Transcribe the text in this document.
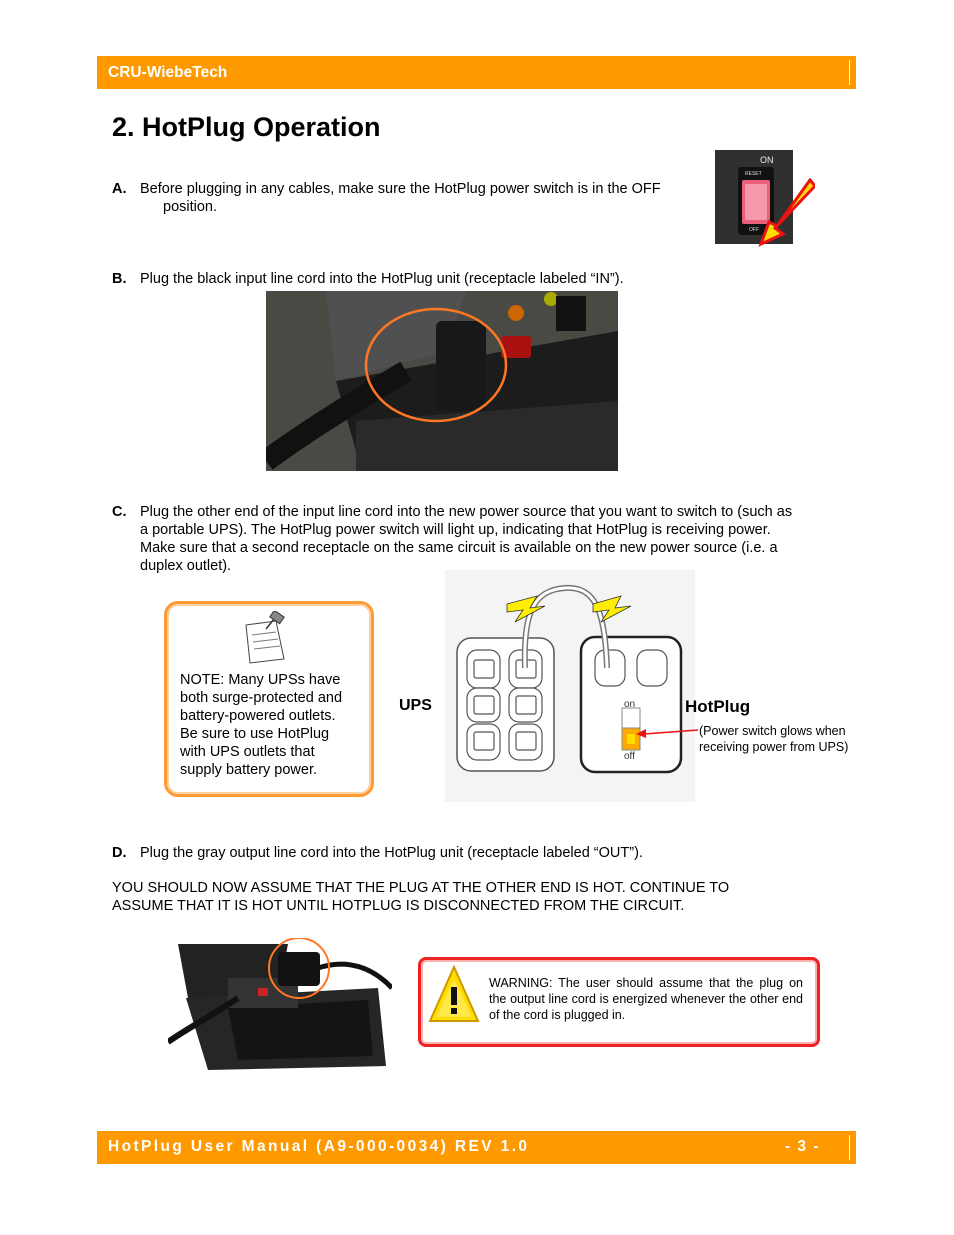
CRU-WiebeTech
2. HotPlug Operation
A. Before plugging in any cables, make sure the HotPlug power switch is in the OFF
position.
ON
RESET
OFF
B. Plug the black input line cord into the HotPlug unit (receptacle labeled “IN”).
C. Plug the other end of the input line cord into the new power source that you want to switch to (such as
a portable UPS). The HotPlug power switch will light up, indicating that HotPlug is receiving power.
Make sure that a second receptacle on the same circuit is available on the new power source (i.e. a
duplex outlet).
NOTE: Many UPSs have
both surge-protected and
battery-powered outlets.
Be sure to use HotPlug
with UPS outlets that
supply battery power.
on
off
UPS	HotPlug
(Power switch glows when
receiving power from UPS)
D. Plug the gray output line cord into the HotPlug unit (receptacle labeled “OUT”).
YOU SHOULD NOW ASSUME THAT THE PLUG AT THE OTHER END IS HOT. CONTINUE TO
ASSUME THAT IT IS HOT UNTIL HOTPLUG IS DISCONNECTED FROM THE CIRCUIT.
WARNING: The user should assume that the plug on the output line cord is energized whenever the other end of the cord is plugged in.
HotPlug User Manual (A9-000-0034) REV 1.0	- 3 -
